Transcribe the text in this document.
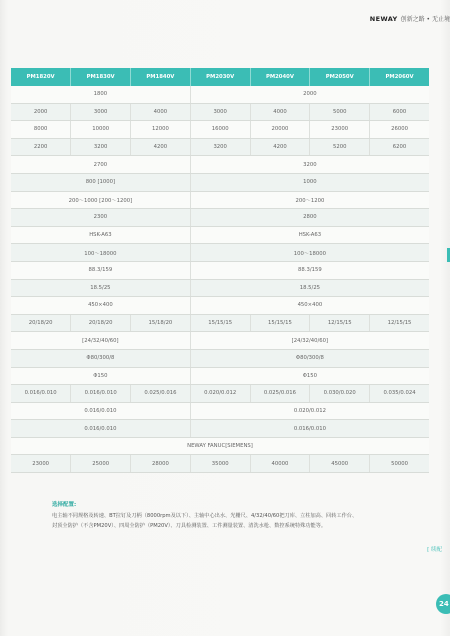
NEWAY 创新之路 • 无止境
PM1820V	PM1830V	PM1840V	PM2030V	PM2040V	PM2050V	PM2060V
1800			2000			
2000	3000	4000	3000	4000	5000	6000
8000	10000	12000	16000	20000	23000	26000
2200	3200	4200	3200	4200	5200	6200
2700			3200			
800 [1000]			1000			
200～1000 [200～1200]			200～1200			
2300			2800			
HSK-A63			HSK-A63			
100～18000			100～18000			
88.3/159			88.3/159			
18.5/25			18.5/25			
450×400			450×400			
20/18/20	20/18/20	15/18/20	15/15/15	15/15/15	12/15/15	12/15/15
[24/32/40/60]			[24/32/40/60]			
Φ80/300/8			Φ80/300/8			
Φ150			Φ150			
0.016/0.010	0.016/0.010	0.025/0.016	0.020/0.012	0.025/0.016	0.030/0.020	0.035/0.024
0.016/0.010			0.020/0.012			
0.016/0.010			0.016/0.010			
NEWAY FANUC[SIEMENS]						
23000	25000	28000	35000	40000	45000	50000
选择配置:
电主轴不同规格及转速、BT拉钉及刀柄（8000rpm及以下）、主轴中心出水、光栅尺、4/32/40/60把刀库、立柱加高、回转工作台、
封顶全防护（不含PM20V）、四周全防护（PM20V）、刀具检测装置、工件测量装置、清洗水枪、数控系统特殊功能等。
[ 续配
24
